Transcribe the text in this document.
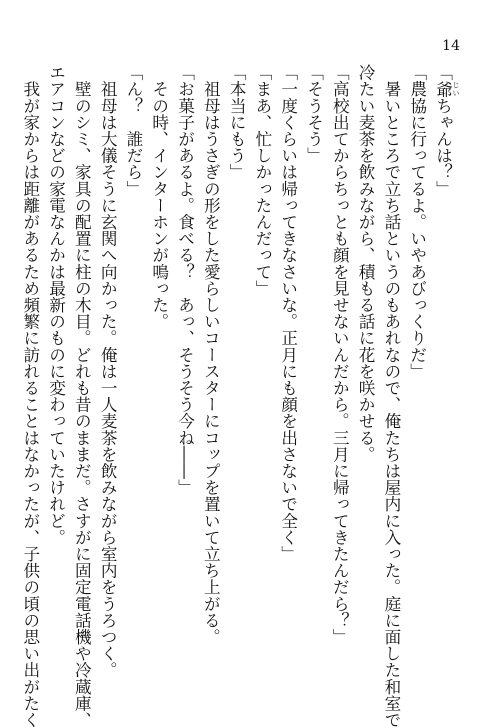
14
「爺 じいちゃんは？」
「農協に行ってるよ。いやあびっくりだ」
　暑いところで立ち話というのもあれなので、俺たちは屋内に入った。庭に面した和室で
冷たい麦茶を飲みながら、積もる話に花を咲かせる。
「高校出てからちっとも顔を見せないんだから。三月に帰ってきたんだら？」
「そうそう」
「一度くらいは帰ってきなさいな。正月にも顔を出さないで全く」
「まあ、忙しかったんだって」
「本当にもう」
　祖母はうさぎの形をした愛らしいコースターにコップを置いて立ち上がる。
「お菓子があるよ。食べる？　あっ、そうそう今ね――」
　その時、インターホンが鳴った。
「ん？　誰だら」
　祖母は大儀そうに玄関へ向かった。俺は一人麦茶を飲みながら室内をうろつく。
　壁のシミ、家具の配置に柱の木目。どれも昔のままだ。さすがに固定電話機や冷蔵庫、
エアコンなどの家電なんかは最新のものに変わっていたけれど。
　我が家からは距離があるため頻繁に訪れることはなかったが、子供の頃の思い出がたく
